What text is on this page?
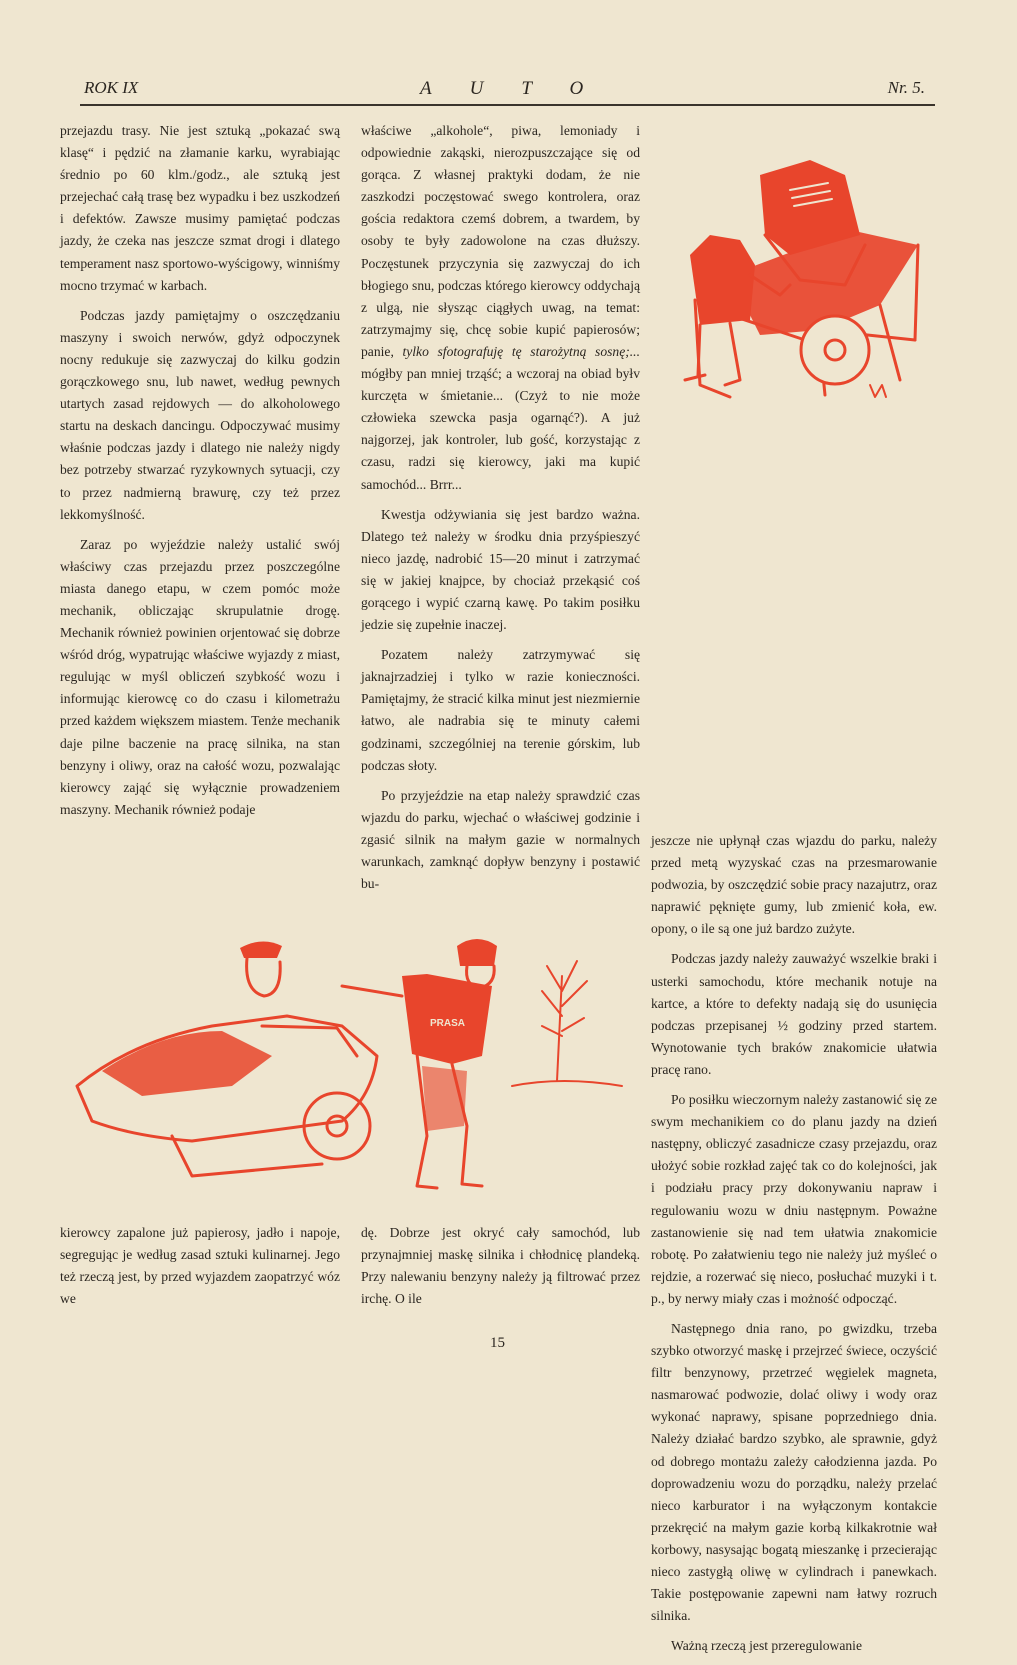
ROK IX	AUTO	Nr. 5.

przejazdu trasy. Nie jest sztuką „pokazać swą klasę“ i pędzić na złamanie karku, wyrabiając średnio po 60 klm./godz., ale sztuką jest przejechać całą trasę bez wypadku i bez uszkodzeń i defektów. Zawsze musimy pamiętać podczas jazdy, że czeka nas jeszcze szmat drogi i dlatego temperament nasz sportowo-wyścigowy, winniśmy mocno trzymać w karbach.

Podczas jazdy pamiętajmy o oszczędzaniu maszyny i swoich nerwów, gdyż odpoczynek nocny redukuje się zazwyczaj do kilku godzin gorączkowego snu, lub nawet, według pewnych utartych zasad rejdowych — do alkoholowego startu na deskach dancingu. Odpoczywać musimy właśnie podczas jazdy i dlatego nie należy nigdy bez potrzeby stwarzać ryzykownych sytuacji, czy to przez nadmierną brawurę, czy też przez lekkomyślność.

Zaraz po wyjeździe należy ustalić swój właściwy czas przejazdu przez poszczególne miasta danego etapu, w czem pomóc może mechanik, obliczając skrupulatnie drogę. Mechanik również powinien orjentować się dobrze wśród dróg, wypatrując właściwe wyjazdy z miast, regulując w myśl obliczeń szybkość wozu i informując kierowcę co do czasu i kilometrażu przed każdem większem miastem. Tenże mechanik daje pilne baczenie na pracę silnika, na stan benzyny i oliwy, oraz na całość wozu, pozwalając kierowcy zająć się wyłącznie prowadzeniem maszyny. Mechanik również podaje

właściwe „alkohole“, piwa, lemoniady i odpowiednie zakąski, nierozpuszczające się od gorąca. Z własnej praktyki dodam, że nie zaszkodzi poczęstować swego kontrolera, oraz gościa redaktora czemś dobrem, a twardem, by osoby te były zadowolone na czas dłuższy. Poczęstunek przyczynia się zazwyczaj do ich błogiego snu, podczas którego kierowcy oddychają z ulgą, nie słysząc ciągłych uwag, na temat: zatrzymajmy się, chcę sobie kupić papierosów; panie, tylko sfotografuję tę starożytną sosnę;... mógłby pan mniej trząść; a wczoraj na obiad byłv kurczęta w śmietanie... (Czyż to nie może człowieka szewcka pasja ogarnąć?). A już najgorzej, jak kontroler, lub gość, korzystając z czasu, radzi się kierowcy, jaki ma kupić samochód... Brrr...

Kwestja odżywiania się jest bardzo ważna. Dlatego też należy w środku dnia przyśpieszyć nieco jazdę, nadrobić 15—20 minut i zatrzymać się w jakiej knajpce, by chociaż przekąsić coś gorącego i wypić czarną kawę. Po takim posiłku jedzie się zupełnie inaczej.

Pozatem należy zatrzymywać się jaknajrzadziej i tylko w razie konieczności. Pamiętajmy, że stracić kilka minut jest niezmiernie łatwo, ale nadrabia się te minuty całemi godzinami, szczególniej na terenie górskim, lub podczas słoty.

Po przyjeździe na etap należy sprawdzić czas wjazdu do parku, wjechać o właściwej godzinie i zgasić silnik na małym gazie w normalnych warunkach, zamknąć dopływ benzyny i postawić bu-

jeszcze nie upłynął czas wjazdu do parku, należy przed metą wyzyskać czas na przesmarowanie podwozia, by oszczędzić sobie pracy nazajutrz, oraz naprawić pęknięte gumy, lub zmienić koła, ew. opony, o ile są one już bardzo zużyte.

Podczas jazdy należy zauważyć wszelkie braki i usterki samochodu, które mechanik notuje na kartce, a które to defekty nadają się do usunięcia podczas przepisanej ½ godziny przed startem. Wynotowanie tych braków znakomicie ułatwia pracę rano.

Po posiłku wieczornym należy zastanowić się ze swym mechanikiem co do planu jazdy na dzień następny, obliczyć zasadnicze czasy przejazdu, oraz ułożyć sobie rozkład zajęć tak co do kolejności, jak i podziału pracy przy dokonywaniu napraw i regulowaniu wozu w dniu następnym. Poważne zastanowienie się nad tem ułatwia znakomicie robotę. Po załatwieniu tego nie należy już myśleć o rejdzie, a rozerwać się nieco, posłuchać muzyki i t. p., by nerwy miały czas i możność odpocząć.

Następnego dnia rano, po gwizdku, trzeba szybko otworzyć maskę i przejrzeć świece, oczyścić filtr benzynowy, przetrzeć węgielek magneta, nasmarować podwozie, dolać oliwy i wody oraz wykonać naprawy, spisane poprzedniego dnia. Należy działać bardzo szybko, ale sprawnie, gdyż od dobrego montażu zależy całodzienna jazda. Po doprowadzeniu wozu do porządku, należy przelać nieco karburator i na wyłączonym kontakcie przekręcić na małym gazie korbą kilkakrotnie wał korbowy, nasysając bogatą mieszankę i przecierając nieco zastygłą oliwę w cylindrach i panewkach. Takie postępowanie zapewni nam łatwy rozruch silnika.

Ważną rzeczą jest przeregulowanie

kierowcy zapalone już papierosy, jadło i napoje, segregując je według zasad sztuki kulinarnej. Jego też rzeczą jest, by przed wyjazdem zaopatrzyć wóz we

dę. Dobrze jest okryć cały samochód, lub przynajmniej maskę silnika i chłodnicę plandeką. Przy nalewaniu benzyny należy ją filtrować przez irchę. O ile

PRASA
15
